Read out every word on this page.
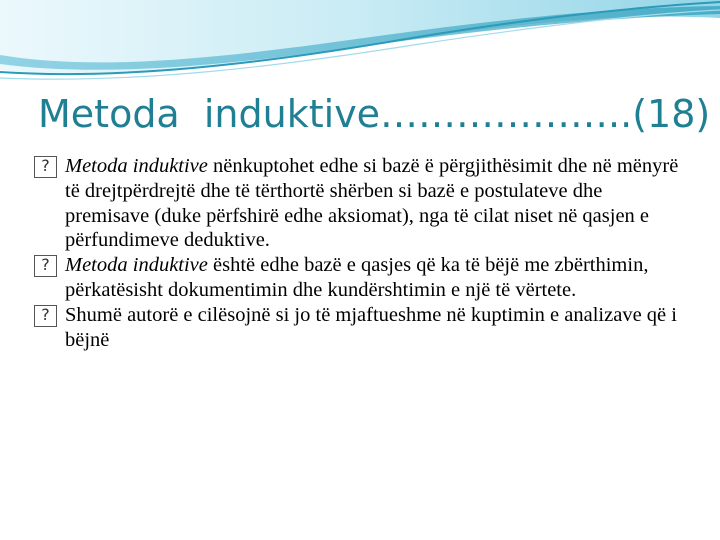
Metoda  induktive………………..(18)
? Metoda induktive nënkuptohet edhe si bazë ë përgjithësimit dhe në mënyrë të drejtpërdrejtë dhe të tërthortë shërben si bazë e postulateve dhe premisave (duke përfshirë edhe aksiomat), nga të cilat niset në qasjen e përfundimeve deduktive.
? Metoda induktive është edhe bazë e qasjes që ka të bëjë me zbërthimin, përkatësisht dokumentimin dhe kundërshtimin e një të vërtete.
? Shumë autorë e cilësojnë si jo të mjaftueshme në kuptimin e analizave që i bëjnë
